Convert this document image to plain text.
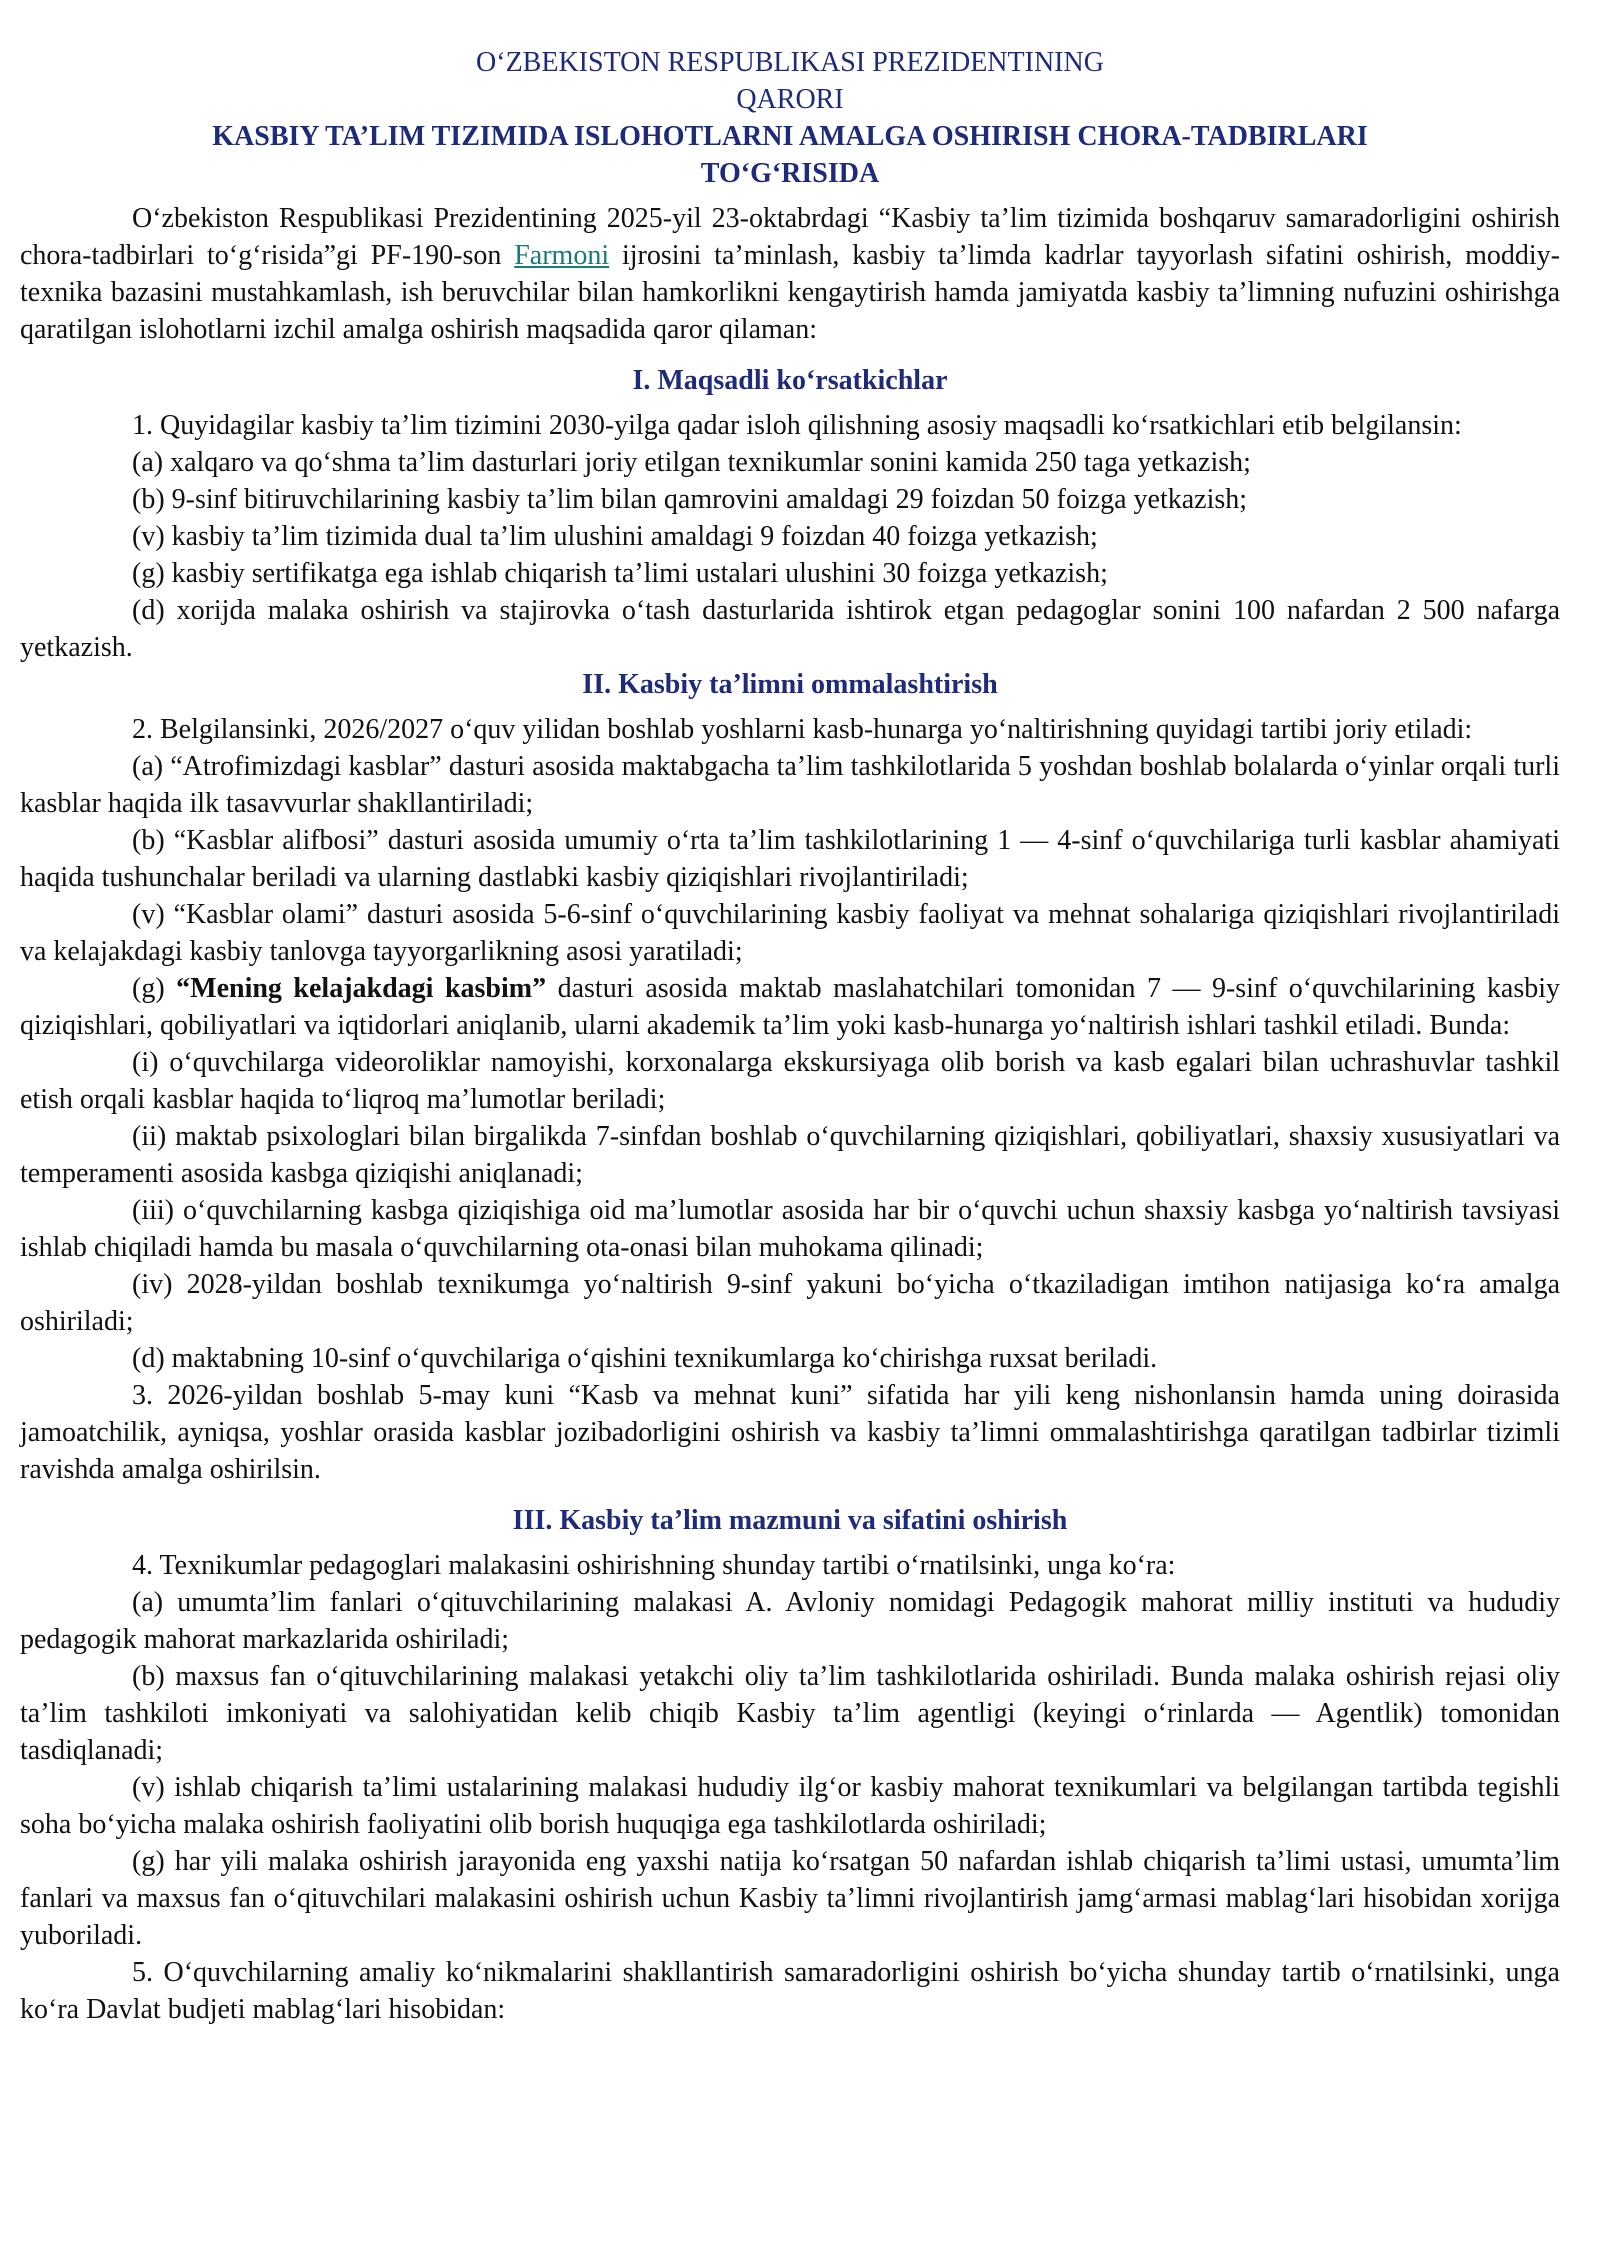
O‘ZBEKISTON RESPUBLIKASI PREZIDENTINING
QARORI
KASBIY TA’LIM TIZIMIDA ISLOHOTLARNI AMALGA OSHIRISH CHORA-TADBIRLARI
TO‘G‘RISIDA

O‘zbekiston Respublikasi Prezidentining 2025-yil 23-oktabrdagi “Kasbiy ta’lim tizimida boshqaruv samaradorligini oshirish chora-tadbirlari to‘g‘risida”gi PF-190-son Farmoni ijrosini ta’minlash, kasbiy ta’limda kadrlar tayyorlash sifatini oshirish, moddiy-texnika bazasini mustahkamlash, ish beruvchilar bilan hamkorlikni kengaytirish hamda jamiyatda kasbiy ta’limning nufuzini oshirishga qaratilgan islohotlarni izchil amalga oshirish maqsadida qaror qilaman:

I. Maqsadli ko‘rsatkichlar

1. Quyidagilar kasbiy ta’lim tizimini 2030-yilga qadar isloh qilishning asosiy maqsadli ko‘rsatkichlari etib belgilansin:

(a) xalqaro va qo‘shma ta’lim dasturlari joriy etilgan texnikumlar sonini kamida 250 taga yetkazish;

(b) 9-sinf bitiruvchilarining kasbiy ta’lim bilan qamrovini amaldagi 29 foizdan 50 foizga yetkazish;

(v) kasbiy ta’lim tizimida dual ta’lim ulushini amaldagi 9 foizdan 40 foizga yetkazish;

(g) kasbiy sertifikatga ega ishlab chiqarish ta’limi ustalari ulushini 30 foizga yetkazish;

(d) xorijda malaka oshirish va stajirovka o‘tash dasturlarida ishtirok etgan pedagoglar sonini 100 nafardan 2 500 nafarga yetkazish.

II. Kasbiy ta’limni ommalashtirish

2. Belgilansinki, 2026/2027 o‘quv yilidan boshlab yoshlarni kasb-hunarga yo‘naltirishning quyidagi tartibi joriy etiladi:

(a) “Atrofimizdagi kasblar” dasturi asosida maktabgacha ta’lim tashkilotlarida 5 yoshdan boshlab bolalarda o‘yinlar orqali turli kasblar haqida ilk tasavvurlar shakllantiriladi;

(b) “Kasblar alifbosi” dasturi asosida umumiy o‘rta ta’lim tashkilotlarining 1 — 4-sinf o‘quvchilariga turli kasblar ahamiyati haqida tushunchalar beriladi va ularning dastlabki kasbiy qiziqishlari rivojlantiriladi;

(v) “Kasblar olami” dasturi asosida 5-6-sinf o‘quvchilarining kasbiy faoliyat va mehnat sohalariga qiziqishlari rivojlantiriladi va kelajakdagi kasbiy tanlovga tayyorgarlikning asosi yaratiladi;

(g) “Mening kelajakdagi kasbim” dasturi asosida maktab maslahatchilari tomonidan 7 — 9-sinf o‘quvchilarining kasbiy qiziqishlari, qobiliyatlari va iqtidorlari aniqlanib, ularni akademik ta’lim yoki kasb-hunarga yo‘naltirish ishlari tashkil etiladi. Bunda:

(i) o‘quvchilarga videoroliklar namoyishi, korxonalarga ekskursiyaga olib borish va kasb egalari bilan uchrashuvlar tashkil etish orqali kasblar haqida to‘liqroq ma’lumotlar beriladi;

(ii) maktab psixologlari bilan birgalikda 7-sinfdan boshlab o‘quvchilarning qiziqishlari, qobiliyatlari, shaxsiy xususiyatlari va temperamenti asosida kasbga qiziqishi aniqlanadi;

(iii) o‘quvchilarning kasbga qiziqishiga oid ma’lumotlar asosida har bir o‘quvchi uchun shaxsiy kasbga yo‘naltirish tavsiyasi ishlab chiqiladi hamda bu masala o‘quvchilarning ota-onasi bilan muhokama qilinadi;

(iv) 2028-yildan boshlab texnikumga yo‘naltirish 9-sinf yakuni bo‘yicha o‘tkaziladigan imtihon natijasiga ko‘ra amalga oshiriladi;

(d) maktabning 10-sinf o‘quvchilariga o‘qishini texnikumlarga ko‘chirishga ruxsat beriladi.

3. 2026-yildan boshlab 5-may kuni “Kasb va mehnat kuni” sifatida har yili keng nishonlansin hamda uning doirasida jamoatchilik, ayniqsa, yoshlar orasida kasblar jozibadorligini oshirish va kasbiy ta’limni ommalashtirishga qaratilgan tadbirlar tizimli ravishda amalga oshirilsin.

III. Kasbiy ta’lim mazmuni va sifatini oshirish

4. Texnikumlar pedagoglari malakasini oshirishning shunday tartibi o‘rnatilsinki, unga ko‘ra:

(a) umumta’lim fanlari o‘qituvchilarining malakasi A. Avloniy nomidagi Pedagogik mahorat milliy instituti va hududiy pedagogik mahorat markazlarida oshiriladi;

(b) maxsus fan o‘qituvchilarining malakasi yetakchi oliy ta’lim tashkilotlarida oshiriladi. Bunda malaka oshirish rejasi oliy ta’lim tashkiloti imkoniyati va salohiyatidan kelib chiqib Kasbiy ta’lim agentligi (keyingi o‘rinlarda — Agentlik) tomonidan tasdiqlanadi;

(v) ishlab chiqarish ta’limi ustalarining malakasi hududiy ilg‘or kasbiy mahorat texnikumlari va belgilangan tartibda tegishli soha bo‘yicha malaka oshirish faoliyatini olib borish huquqiga ega tashkilotlarda oshiriladi;

(g) har yili malaka oshirish jarayonida eng yaxshi natija ko‘rsatgan 50 nafardan ishlab chiqarish ta’limi ustasi, umumta’lim fanlari va maxsus fan o‘qituvchilari malakasini oshirish uchun Kasbiy ta’limni rivojlantirish jamg‘armasi mablag‘lari hisobidan xorijga yuboriladi.

5. O‘quvchilarning amaliy ko‘nikmalarini shakllantirish samaradorligini oshirish bo‘yicha shunday tartib o‘rnatilsinki, unga ko‘ra Davlat budjeti mablag‘lari hisobidan:
